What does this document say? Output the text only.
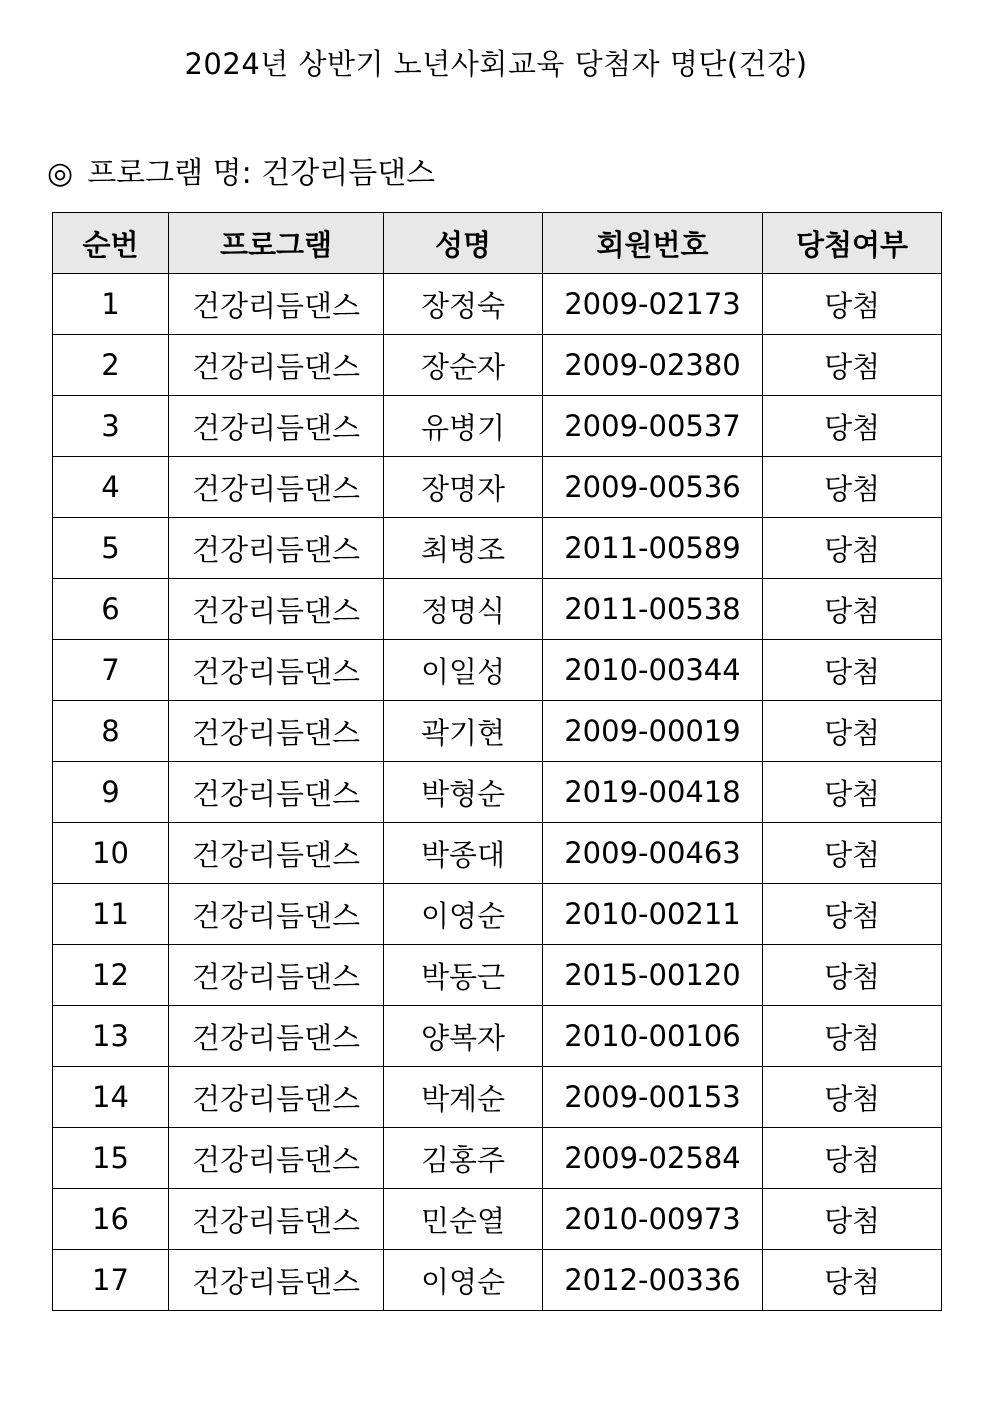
2024년 상반기 노년사회교육 당첨자 명단(건강)
◎ 프로그램 명: 건강리듬댄스
순번	프로그램	성명	회원번호	당첨여부
1	건강리듬댄스	장정숙	2009-02173	당첨
2	건강리듬댄스	장순자	2009-02380	당첨
3	건강리듬댄스	유병기	2009-00537	당첨
4	건강리듬댄스	장명자	2009-00536	당첨
5	건강리듬댄스	최병조	2011-00589	당첨
6	건강리듬댄스	정명식	2011-00538	당첨
7	건강리듬댄스	이일성	2010-00344	당첨
8	건강리듬댄스	곽기현	2009-00019	당첨
9	건강리듬댄스	박형순	2019-00418	당첨
10	건강리듬댄스	박종대	2009-00463	당첨
11	건강리듬댄스	이영순	2010-00211	당첨
12	건강리듬댄스	박동근	2015-00120	당첨
13	건강리듬댄스	양복자	2010-00106	당첨
14	건강리듬댄스	박계순	2009-00153	당첨
15	건강리듬댄스	김홍주	2009-02584	당첨
16	건강리듬댄스	민순열	2010-00973	당첨
17	건강리듬댄스	이영순	2012-00336	당첨
